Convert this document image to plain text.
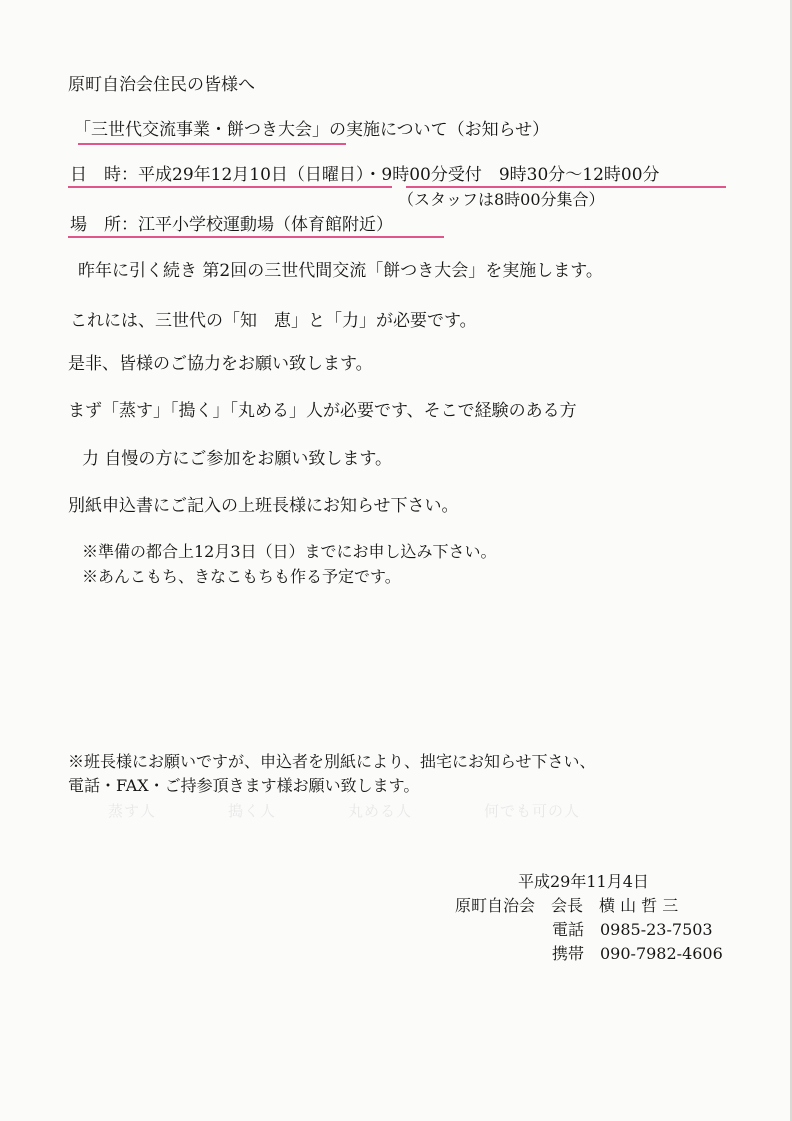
原町自治会住民の皆様へ
「三世代交流事業・餅つき大会」の実施について（お知らせ）
日　時：平成29年12月10日（日曜日）・9時00分受付　9時30分～12時00分
（スタッフは8時00分集合）
場　所：江平小学校運動場（体育館附近）
昨年に引く続き 第2回の三世代間交流「餅つき大会」を実施します。
これには、三世代の「知　恵」と「力」が必要です。
是非、皆様のご協力をお願い致します。
まず「蒸す」「搗く」「丸める」人が必要です、そこで経験のある方
力 自慢の方にご参加をお願い致します。
別紙申込書にご記入の上班長様にお知らせ下さい。
※準備の都合上12月3日（日）までにお申し込み下さい。
※あんこもち、きなこもちも作る予定です。
※班長様にお願いですが、申込者を別紙により、拙宅にお知らせ下さい、
電話・FAX・ご持参頂きます様お願い致します。
蒸す人	搗く人	丸める人	何でも可の人
平成29年11月4日
原町自治会　会長　横 山 哲 三
電話　0985-23-7503
携帯　090-7982-4606
